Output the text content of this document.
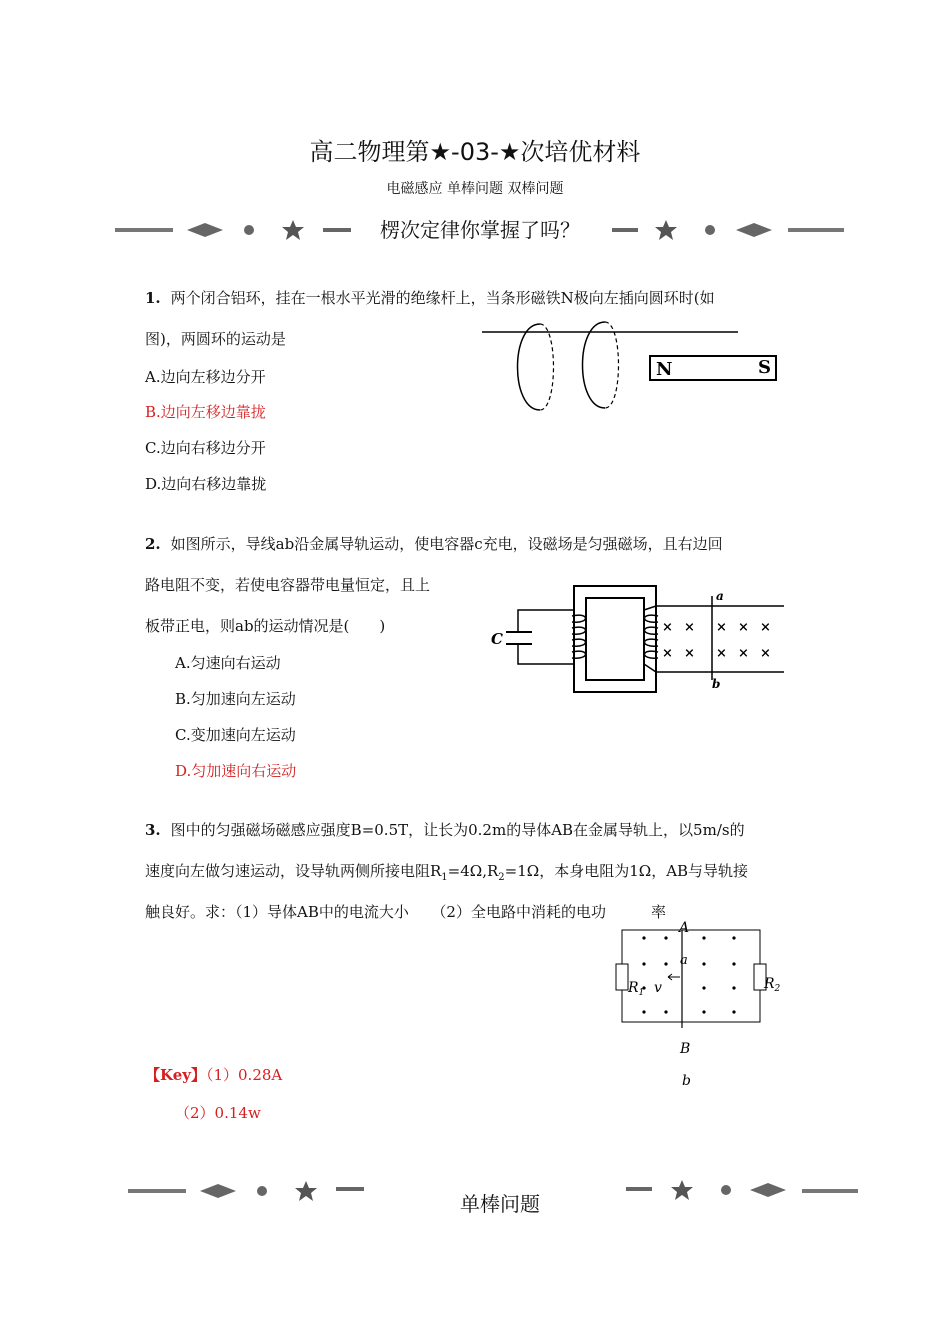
高二物理第★-03-★次培优材料
电磁感应 单棒问题 双棒问题
楞次定律你掌握了吗？
1. 两个闭合铝环，挂在一根水平光滑的绝缘杆上，当条形磁铁N极向左插向圆环时(如
图)，两圆环的运动是
A.边向左移边分开
B.边向左移边靠拢
C.边向右移边分开
D.边向右移边靠拢
N	S
2. 如图所示，导线ab沿金属导轨运动，使电容器c充电，设磁场是匀强磁场，且右边回
路电阻不变，若使电容器带电量恒定，且上
板带正电，则ab的运动情况是(　　)
A.匀速向右运动
B.匀加速向左运动
C.变加速向左运动
D.匀加速向右运动
C
a
b
× × × × ×
× × × × ×
3. 图中的匀强磁场磁感应强度B=0.5T，让长为0.2m的导体AB在金属导轨上，以5m/s的
速度向左做匀速运动，设导轨两侧所接电阻$R_1=4\Omega,R_2=1\Omega$，本身电阻为1Ω，AB与导轨接
触良好。求：（1）导体AB中的电流大小　　（2）全电路中消耗的电功　　　率
A
a
v
$R_1$
$R_2$
B
b
【Key】（1）0.28A
（2）0.14w
单棒问题
